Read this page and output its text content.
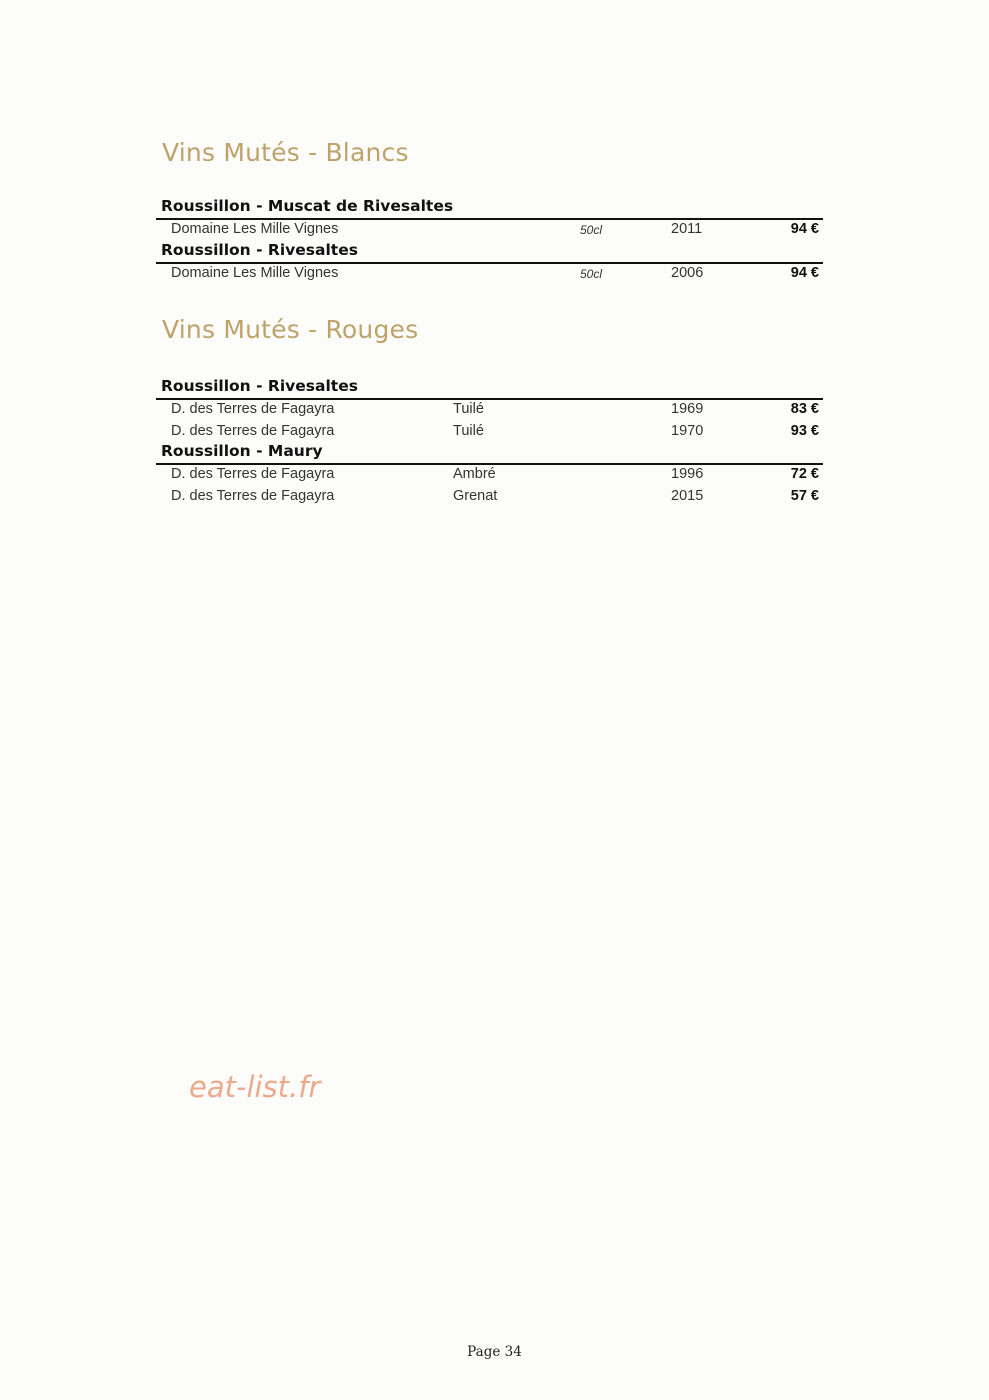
Vins Mutés - Blancs
Roussillon - Muscat de Rivesaltes
Domaine Les Mille Vignes	50cl	2011	94 €
Roussillon - Rivesaltes
Domaine Les Mille Vignes	50cl	2006	94 €
Vins Mutés - Rouges
Roussillon - Rivesaltes
D. des Terres de Fagayra	Tuilé	1969	83 €
D. des Terres de Fagayra	Tuilé	1970	93 €
Roussillon - Maury
D. des Terres de Fagayra	Ambré	1996	72 €
D. des Terres de Fagayra	Grenat	2015	57 €
eat-list.fr
Page 34
